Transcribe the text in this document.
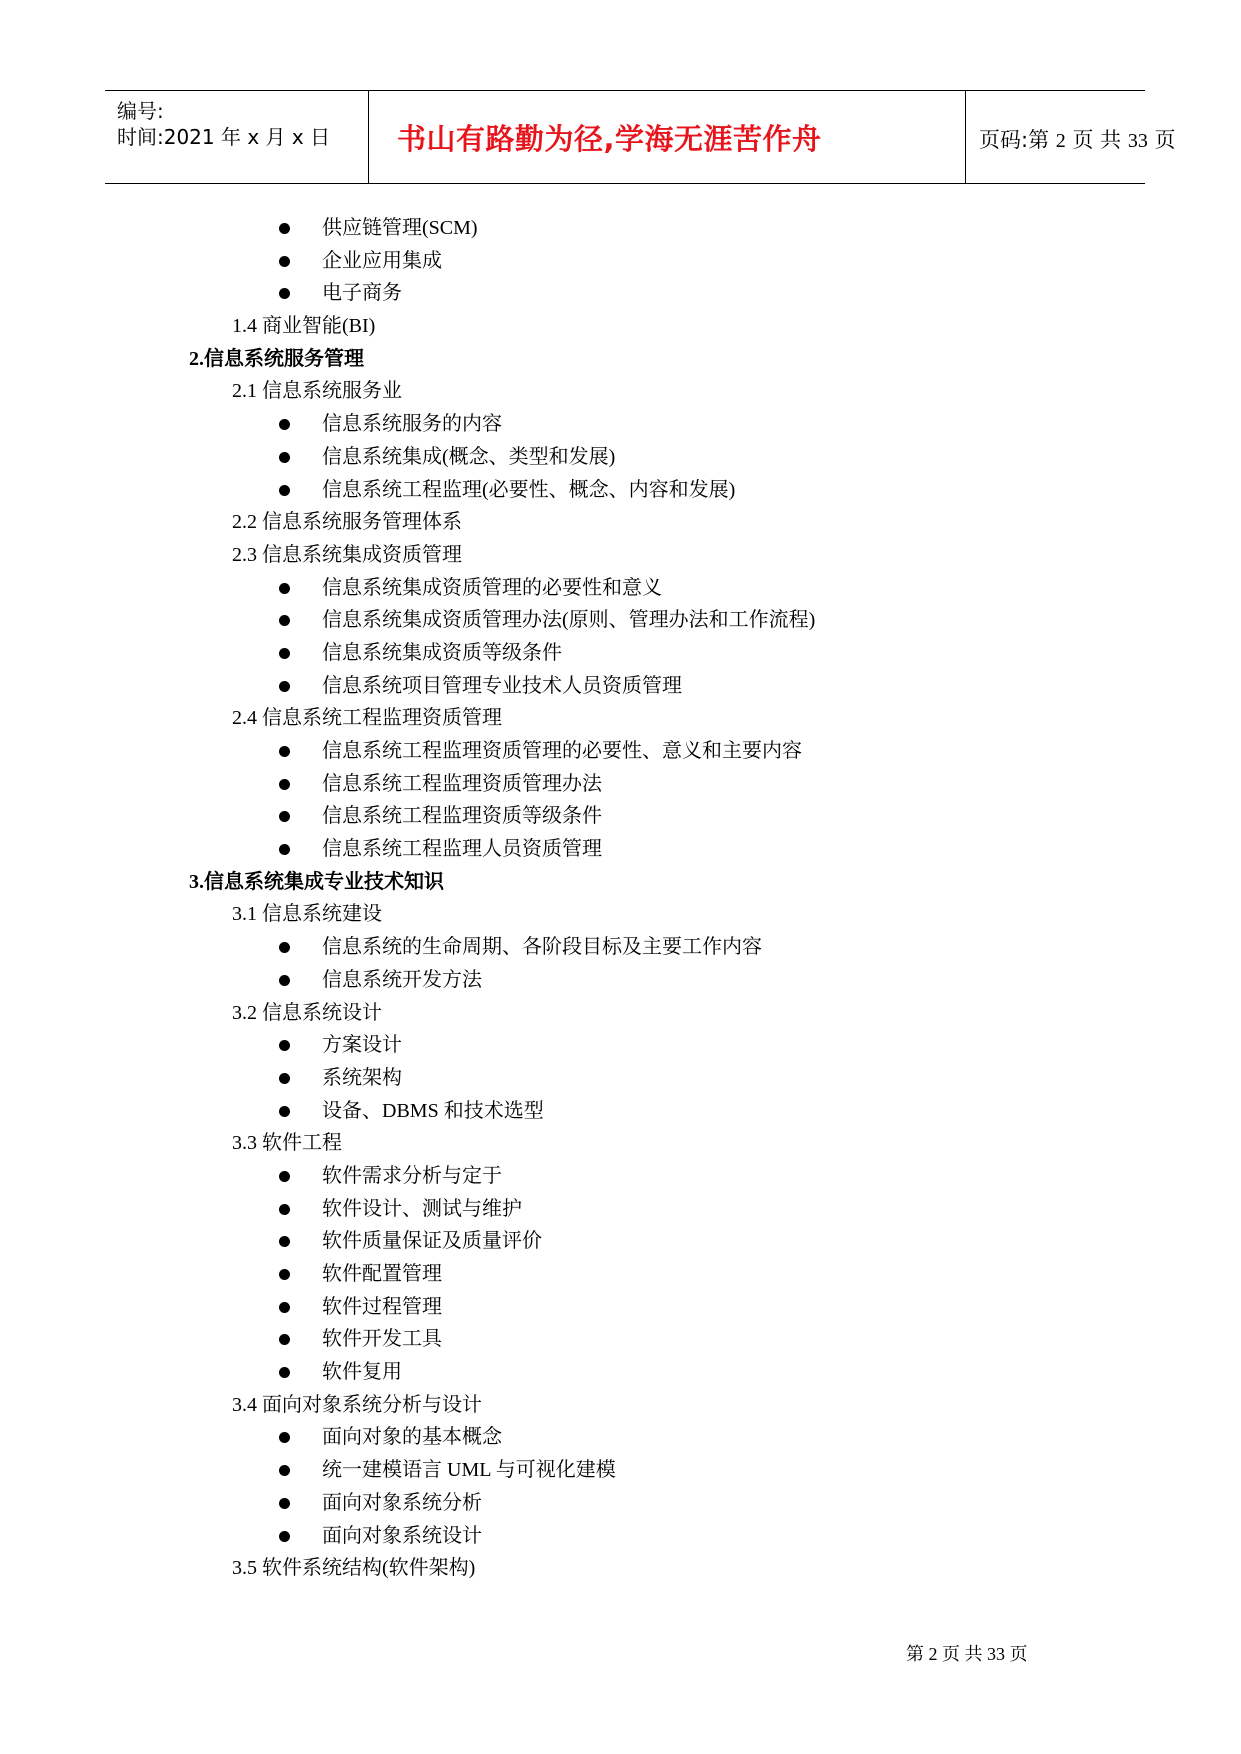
编号:
时间:2021 年 x 月 x 日 书山有路勤为径,学海无涯苦作舟	页码:第 2 页 共 33 页
供应链管理(SCM)
企业应用集成
电子商务
1.4 商业智能(BI)
2.信息系统服务管理
2.1 信息系统服务业
信息系统服务的内容
信息系统集成(概念、类型和发展)
信息系统工程监理(必要性、概念、内容和发展)
2.2 信息系统服务管理体系
2.3 信息系统集成资质管理
信息系统集成资质管理的必要性和意义
信息系统集成资质管理办法(原则、管理办法和工作流程)
信息系统集成资质等级条件
信息系统项目管理专业技术人员资质管理
2.4 信息系统工程监理资质管理
信息系统工程监理资质管理的必要性、意义和主要内容
信息系统工程监理资质管理办法
信息系统工程监理资质等级条件
信息系统工程监理人员资质管理
3.信息系统集成专业技术知识
3.1 信息系统建设
信息系统的生命周期、各阶段目标及主要工作内容
信息系统开发方法
3.2 信息系统设计
方案设计
系统架构
设备、DBMS 和技术选型
3.3 软件工程
软件需求分析与定于
软件设计、测试与维护
软件质量保证及质量评价
软件配置管理
软件过程管理
软件开发工具
软件复用
3.4 面向对象系统分析与设计
面向对象的基本概念
统一建模语言 UML 与可视化建模
面向对象系统分析
面向对象系统设计
3.5 软件系统结构(软件架构)
第 2 页 共 33 页
